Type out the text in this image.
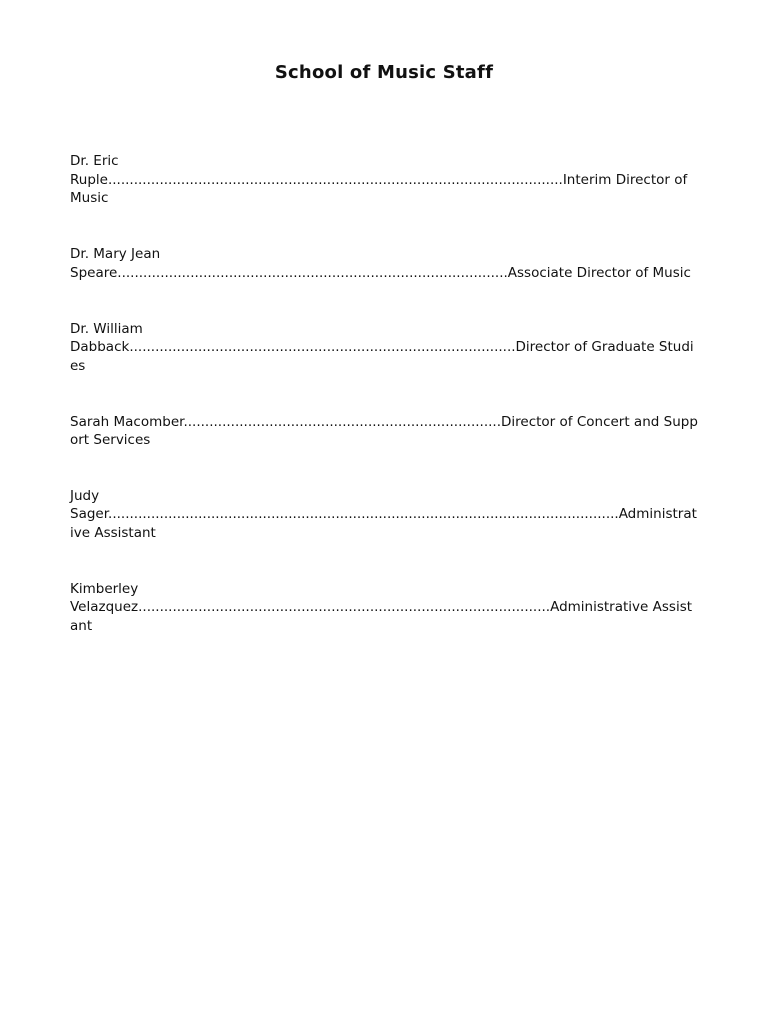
School of Music Staff

Dr. Eric
Ruple..........................................................................................................Interim Director of Music

Dr. Mary Jean
Speare...........................................................................................Associate Director of Music

Dr. William
Dabback..........................................................................................Director of Graduate Studies

Sarah Macomber..........................................................................Director of Concert and Support Services

Judy
Sager.......................................................................................................................Administrative Assistant

Kimberley
Velazquez................................................................................................Administrative Assistant
